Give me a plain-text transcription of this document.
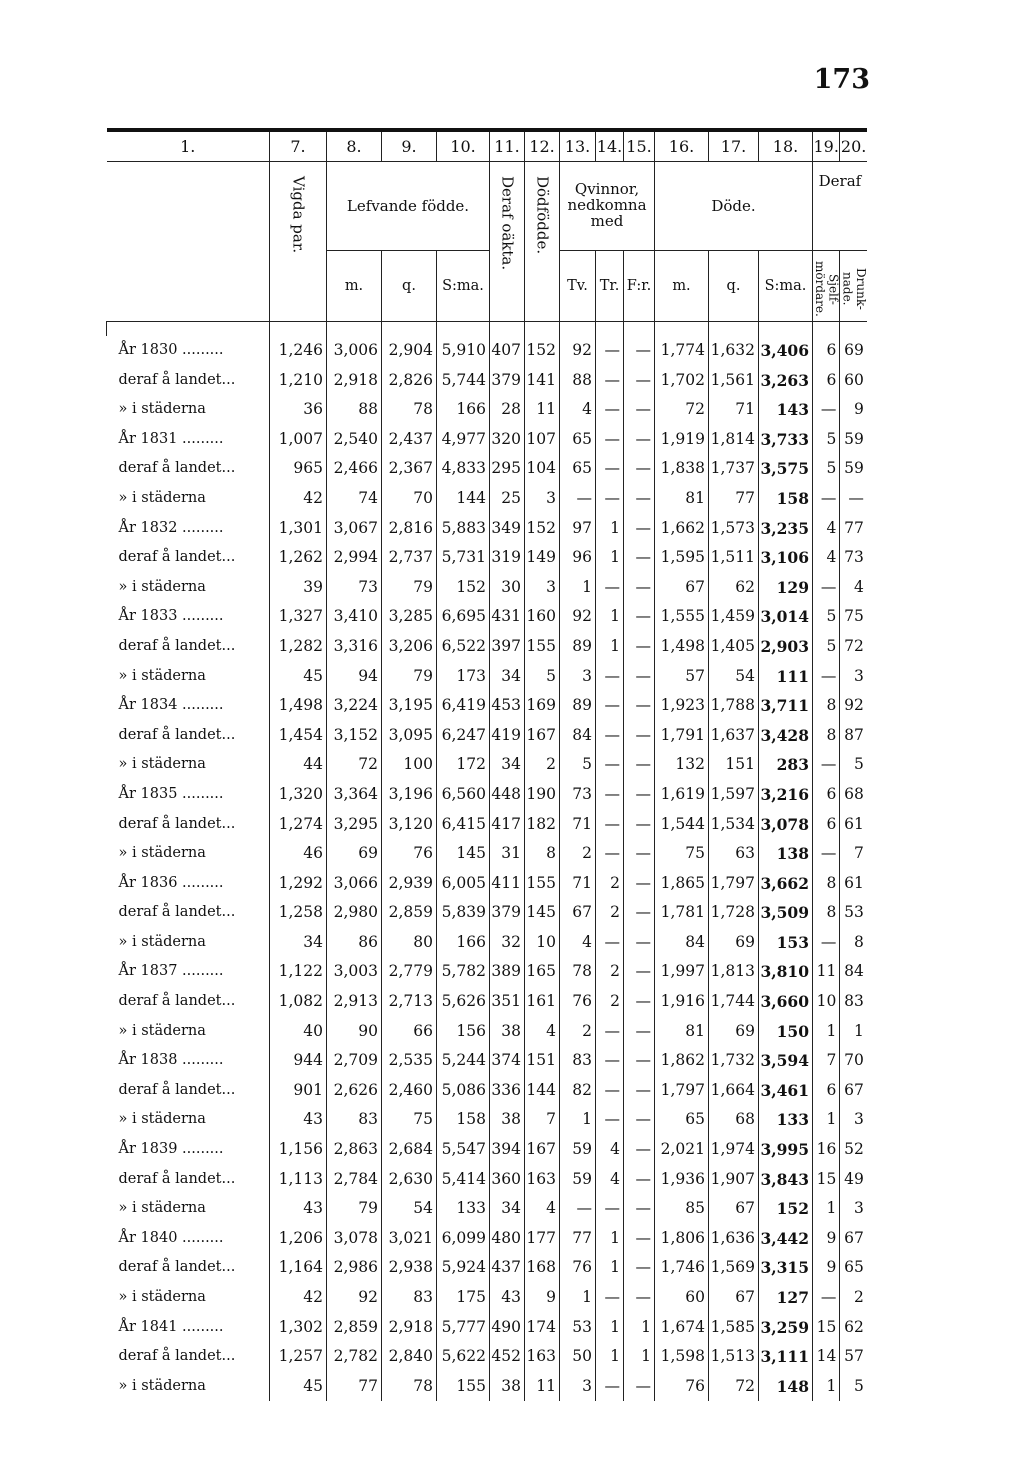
173
1.	7.	8.	9.	10.	11.	12.	13.	14.	15.	16.	17.	18.	19.	20.

	Vigda par.	Lefvande födde.			Deraf oäkta.	Dödfödde.	Qvinnor, nedkomna med			Döde.			Deraf	
		m.	q.	S:ma.			Tv.	Tr.	F:r.	m.	q.	S:ma.	Sjelf-mördare.	Drunk-nade.

År 1830 .........	1,246	3,006	2,904	5,910	407	152	92	—	—	1,774	1,632	3,406	6	69
deraf å landet...	1,210	2,918	2,826	5,744	379	141	88	—	—	1,702	1,561	3,263	6	60
» i städerna	36	88	78	166	28	11	4	—	—	72	71	143	—	9
År 1831 .........	1,007	2,540	2,437	4,977	320	107	65	—	—	1,919	1,814	3,733	5	59
deraf å landet...	965	2,466	2,367	4,833	295	104	65	—	—	1,838	1,737	3,575	5	59
» i städerna	42	74	70	144	25	3	—	—	—	81	77	158	—	—
År 1832 .........	1,301	3,067	2,816	5,883	349	152	97	1	—	1,662	1,573	3,235	4	77
deraf å landet...	1,262	2,994	2,737	5,731	319	149	96	1	—	1,595	1,511	3,106	4	73
» i städerna	39	73	79	152	30	3	1	—	—	67	62	129	—	4
År 1833 .........	1,327	3,410	3,285	6,695	431	160	92	1	—	1,555	1,459	3,014	5	75
deraf å landet...	1,282	3,316	3,206	6,522	397	155	89	1	—	1,498	1,405	2,903	5	72
» i städerna	45	94	79	173	34	5	3	—	—	57	54	111	—	3
År 1834 .........	1,498	3,224	3,195	6,419	453	169	89	—	—	1,923	1,788	3,711	8	92
deraf å landet...	1,454	3,152	3,095	6,247	419	167	84	—	—	1,791	1,637	3,428	8	87
» i städerna	44	72	100	172	34	2	5	—	—	132	151	283	—	5
År 1835 .........	1,320	3,364	3,196	6,560	448	190	73	—	—	1,619	1,597	3,216	6	68
deraf å landet...	1,274	3,295	3,120	6,415	417	182	71	—	—	1,544	1,534	3,078	6	61
» i städerna	46	69	76	145	31	8	2	—	—	75	63	138	—	7
År 1836 .........	1,292	3,066	2,939	6,005	411	155	71	2	—	1,865	1,797	3,662	8	61
deraf å landet...	1,258	2,980	2,859	5,839	379	145	67	2	—	1,781	1,728	3,509	8	53
» i städerna	34	86	80	166	32	10	4	—	—	84	69	153	—	8
År 1837 .........	1,122	3,003	2,779	5,782	389	165	78	2	—	1,997	1,813	3,810	11	84
deraf å landet...	1,082	2,913	2,713	5,626	351	161	76	2	—	1,916	1,744	3,660	10	83
» i städerna	40	90	66	156	38	4	2	—	—	81	69	150	1	1
År 1838 .........	944	2,709	2,535	5,244	374	151	83	—	—	1,862	1,732	3,594	7	70
deraf å landet...	901	2,626	2,460	5,086	336	144	82	—	—	1,797	1,664	3,461	6	67
» i städerna	43	83	75	158	38	7	1	—	—	65	68	133	1	3
År 1839 .........	1,156	2,863	2,684	5,547	394	167	59	4	—	2,021	1,974	3,995	16	52
deraf å landet...	1,113	2,784	2,630	5,414	360	163	59	4	—	1,936	1,907	3,843	15	49
» i städerna	43	79	54	133	34	4	—	—	—	85	67	152	1	3
År 1840 .........	1,206	3,078	3,021	6,099	480	177	77	1	—	1,806	1,636	3,442	9	67
deraf å landet...	1,164	2,986	2,938	5,924	437	168	76	1	—	1,746	1,569	3,315	9	65
» i städerna	42	92	83	175	43	9	1	—	—	60	67	127	—	2
År 1841 .........	1,302	2,859	2,918	5,777	490	174	53	1	1	1,674	1,585	3,259	15	62
deraf å landet...	1,257	2,782	2,840	5,622	452	163	50	1	1	1,598	1,513	3,111	14	57
» i städerna	45	77	78	155	38	11	3	—	—	76	72	148	1	5
